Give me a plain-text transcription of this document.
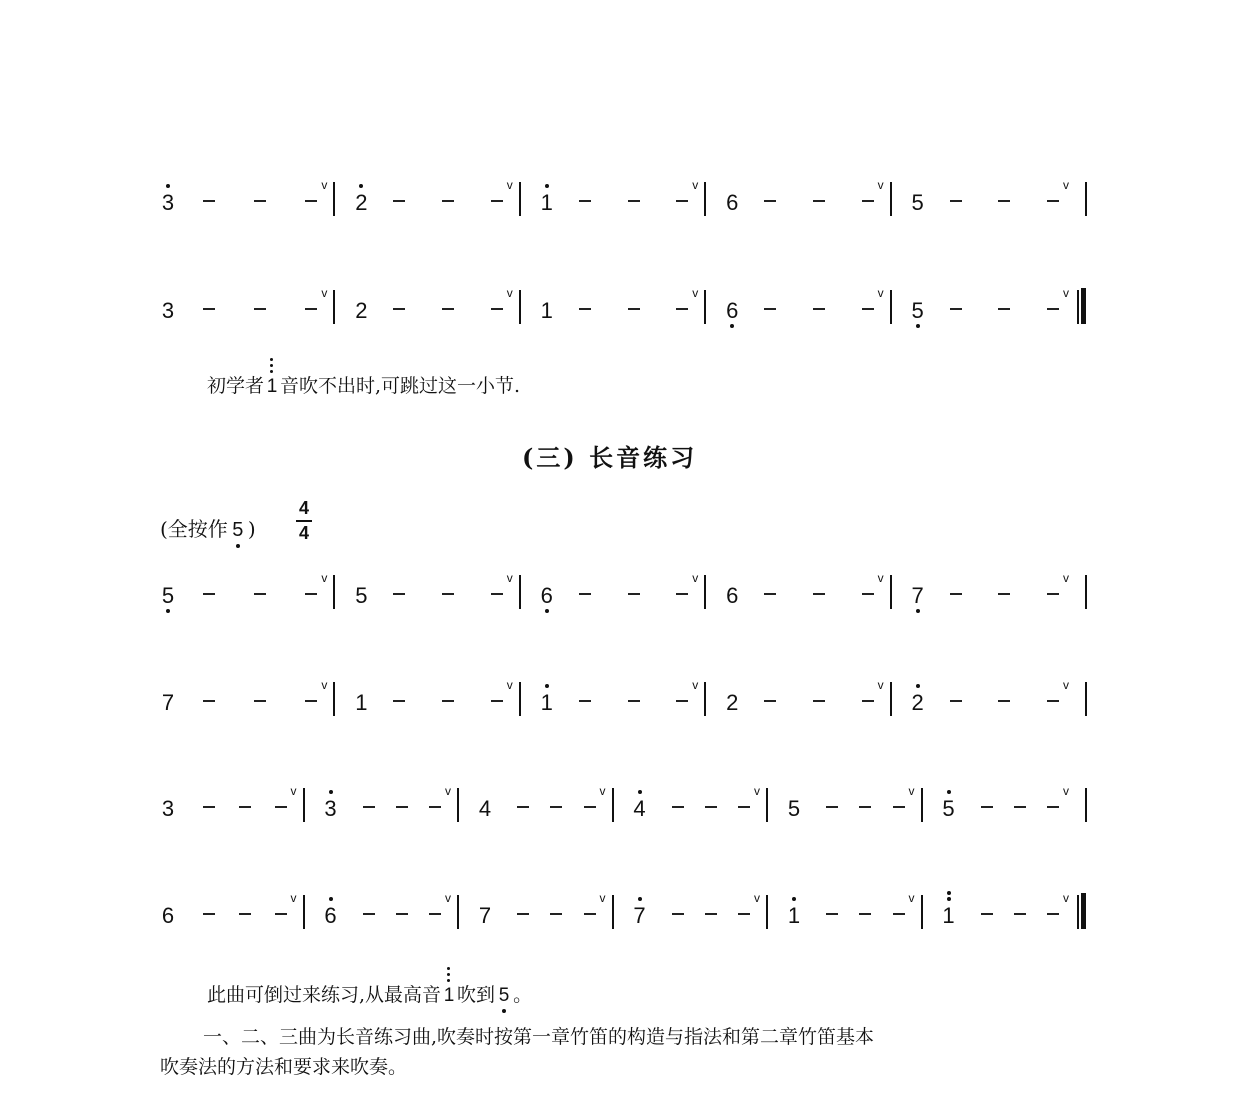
3
v
2
v
1
v
6
v
5
v
3
v
2
v
1
v
6
v
5
v
5
v
5
v
6
v
6
v
7
v
7
v
1
v
1
v
2
v
2
v
3
v
3
v
4
v
4
v
5
v
5
v
6
v
6
v
7
v
7
v
1
v
1
v
初学者 1 音吹不出时,可跳过这一小节.
(三) 长音练习
(全按作 5 )
4
4
此曲可倒过来练习,从最高音 1 吹到 5 。
一、二、三曲为长音练习曲,吹奏时按第一章竹笛的构造与指法和第二章竹笛基本
吹奏法的方法和要求来吹奏。
